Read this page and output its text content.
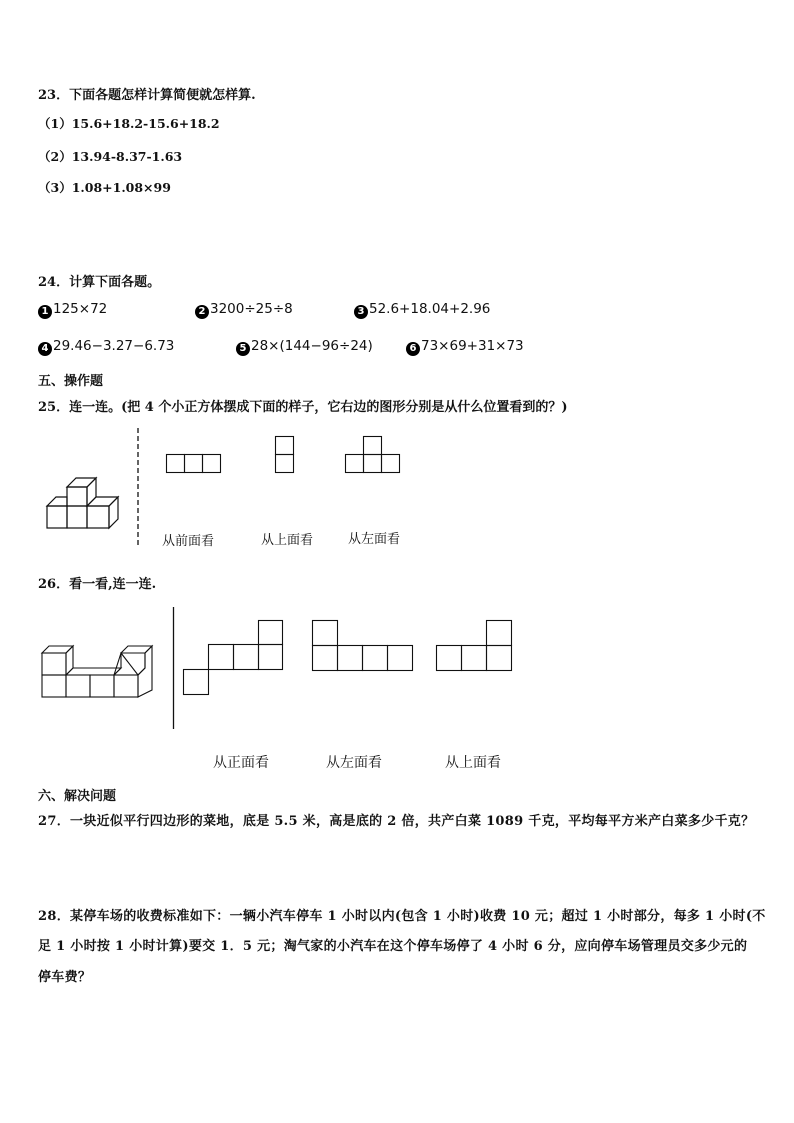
23．下面各题怎样计算简便就怎样算.
（1）15.6+18.2-15.6+18.2
（2）13.94-8.37-1.63
（3）1.08+1.08×99
24．计算下面各题。
1 125×72	2 3200÷25÷8	3 52.6+18.04+2.96
4 29.46−3.27−6.73	5 28×(144−96÷24)	6 73×69+31×73
五、操作题
25．连一连。(把 4 个小正方体摆成下面的样子，它右边的图形分别是从什么位置看到的？)
从前面看	从上面看	从左面看
26．看一看,连一连.
从正面看	从左面看	从上面看
六、解决问题
27．一块近似平行四边形的菜地，底是 5.5 米，高是底的 2 倍，共产白菜 1089 千克，平均每平方米产白菜多少千克？
28．某停车场的收费标准如下：一辆小汽车停车 1 小时以内(包含 1 小时)收费 10 元；超过 1 小时部分，每多 1 小时(不
足 1 小时按 1 小时计算)要交 1．5 元；淘气家的小汽车在这个停车场停了 4 小时 6 分，应向停车场管理员交多少元的
停车费？
